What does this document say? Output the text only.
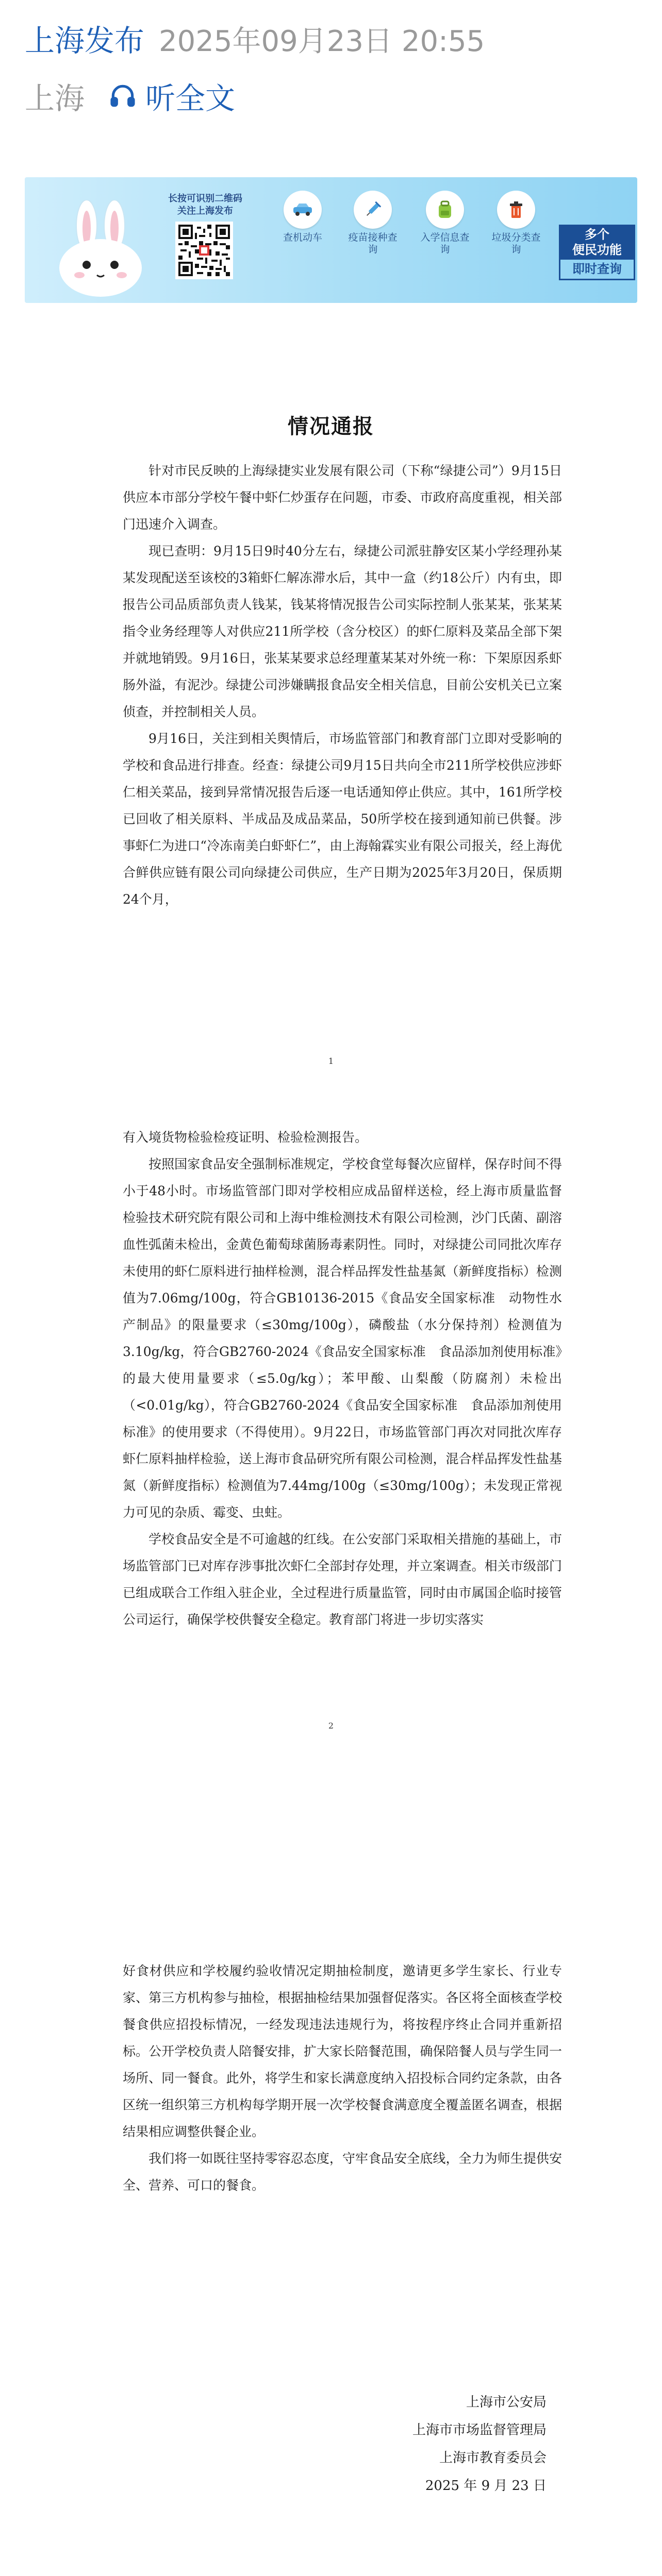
上海发布 2025年09月23日 20:55
上海 听全文
长按可识别二维码
关注上海发布
查机动车	疫苗接种查询
入学信息查询
垃圾分类查询
多个
便民功能
即时查询
情况通报

针对市民反映的上海绿捷实业发展有限公司（下称“绿捷公司”）9月15日供应本市部分学校午餐中虾仁炒蛋存在问题，市委、市政府高度重视，相关部门迅速介入调查。

现已查明：9月15日9时40分左右，绿捷公司派驻静安区某小学经理孙某某发现配送至该校的3箱虾仁解冻滞水后，其中一盒（约18公斤）内有虫，即报告公司品质部负责人钱某，钱某将情况报告公司实际控制人张某某，张某某指令业务经理等人对供应211所学校（含分校区）的虾仁原料及菜品全部下架并就地销毁。9月16日，张某某要求总经理董某某对外统一称：下架原因系虾肠外溢，有泥沙。绿捷公司涉嫌瞒报食品安全相关信息，目前公安机关已立案侦查，并控制相关人员。

9月16日，关注到相关舆情后，市场监管部门和教育部门立即对受影响的学校和食品进行排查。经查：绿捷公司9月15日共向全市211所学校供应涉虾仁相关菜品，接到异常情况报告后逐一电话通知停止供应。其中，161所学校已回收了相关原料、半成品及成品菜品，50所学校在接到通知前已供餐。涉事虾仁为进口“冷冻南美白虾虾仁”，由上海翰霖实业有限公司报关，经上海优合鲜供应链有限公司向绿捷公司供应，生产日期为2025年3月20日，保质期24个月，

1

有入境货物检验检疫证明、检验检测报告。

按照国家食品安全强制标准规定，学校食堂每餐次应留样，保存时间不得小于48小时。市场监管部门即对学校相应成品留样送检，经上海市质量监督检验技术研究院有限公司和上海中维检测技术有限公司检测，沙门氏菌、副溶血性弧菌未检出，金黄色葡萄球菌肠毒素阴性。同时，对绿捷公司同批次库存未使用的虾仁原料进行抽样检测，混合样品挥发性盐基氮（新鲜度指标）检测值为7.06mg/100g，符合GB10136-2015《食品安全国家标准　动物性水产制品》的限量要求（≤30mg/100g），磷酸盐（水分保持剂）检测值为3.10g/kg，符合GB2760-2024《食品安全国家标准　食品添加剂使用标准》的最大使用量要求（≤5.0g/kg）；苯甲酸、山梨酸（防腐剂）未检出（<0.01g/kg），符合GB2760-2024《食品安全国家标准　食品添加剂使用标准》的使用要求（不得使用）。9月22日，市场监管部门再次对同批次库存虾仁原料抽样检验，送上海市食品研究所有限公司检测，混合样品挥发性盐基氮（新鲜度指标）检测值为7.44mg/100g（≤30mg/100g）；未发现正常视力可见的杂质、霉变、虫蛀。

学校食品安全是不可逾越的红线。在公安部门采取相关措施的基础上，市场监管部门已对库存涉事批次虾仁全部封存处理，并立案调查。相关市级部门已组成联合工作组入驻企业，全过程进行质量监管，同时由市属国企临时接管公司运行，确保学校供餐安全稳定。教育部门将进一步切实落实

2

好食材供应和学校履约验收情况定期抽检制度，邀请更多学生家长、行业专家、第三方机构参与抽检，根据抽检结果加强督促落实。各区将全面核查学校餐食供应招投标情况，一经发现违法违规行为，将按程序终止合同并重新招标。公开学校负责人陪餐安排，扩大家长陪餐范围，确保陪餐人员与学生同一场所、同一餐食。此外，将学生和家长满意度纳入招投标合同约定条款，由各区统一组织第三方机构每学期开展一次学校餐食满意度全覆盖匿名调查，根据结果相应调整供餐企业。

我们将一如既往坚持零容忍态度，守牢食品安全底线，全力为师生提供安全、营养、可口的餐食。

上海市公安局
上海市市场监督管理局
上海市教育委员会
2025 年 9 月 23 日
